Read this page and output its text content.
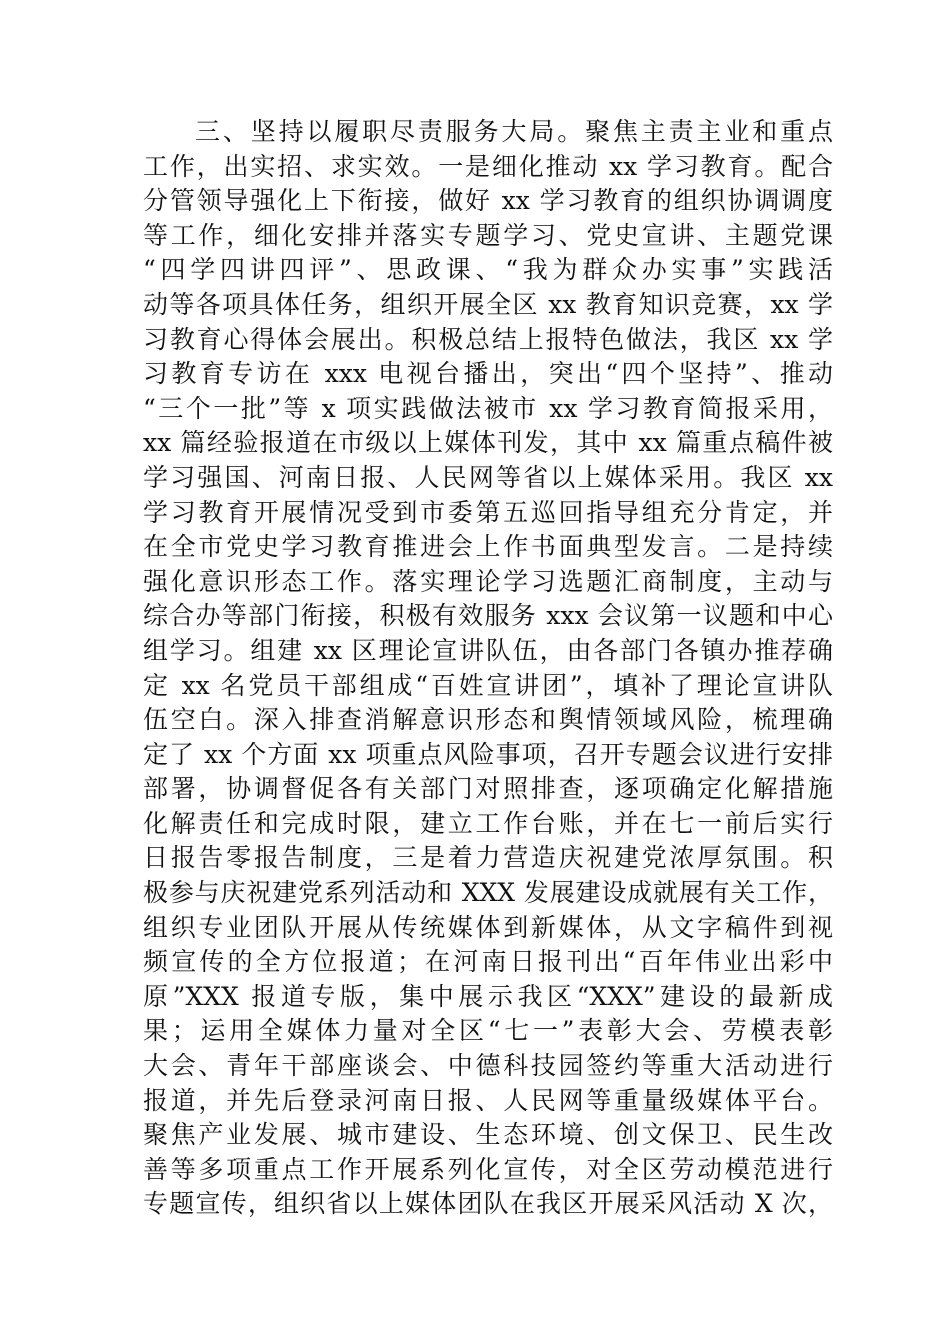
三、坚持以履职尽责服务大局。聚焦主责主业和重点
工作，出实招、求实效。一是细化推动 xx 学习教育。配合
分管领导强化上下衔接，做好 xx 学习教育的组织协调调度
等工作，细化安排并落实专题学习、党史宣讲、主题党课
“四学四讲四评”、思政课、“我为群众办实事”实践活
动等各项具体任务，组织开展全区 xx 教育知识竞赛，xx 学
习教育心得体会展出。积极总结上报特色做法，我区 xx 学
习教育专访在 xxx 电视台播出，突出“四个坚持”、推动
“三个一批”等 x 项实践做法被市 xx 学习教育简报采用，
xx 篇经验报道在市级以上媒体刊发，其中 xx 篇重点稿件被
学习强国、河南日报、人民网等省以上媒体采用。我区 xx
学习教育开展情况受到市委第五巡回指导组充分肯定，并
在全市党史学习教育推进会上作书面典型发言。二是持续
强化意识形态工作。落实理论学习选题汇商制度，主动与
综合办等部门衔接，积极有效服务 xxx 会议第一议题和中心
组学习。组建 xx 区理论宣讲队伍，由各部门各镇办推荐确
定 xx 名党员干部组成“百姓宣讲团”，填补了理论宣讲队
伍空白。深入排查消解意识形态和舆情领域风险，梳理确
定了 xx 个方面 xx 项重点风险事项，召开专题会议进行安排
部署，协调督促各有关部门对照排查，逐项确定化解措施
化解责任和完成时限，建立工作台账，并在七一前后实行
日报告零报告制度，三是着力营造庆祝建党浓厚氛围。积
极参与庆祝建党系列活动和 XXX 发展建设成就展有关工作，
组织专业团队开展从传统媒体到新媒体，从文字稿件到视
频宣传的全方位报道；在河南日报刊出“百年伟业出彩中
原”XXX 报道专版，集中展示我区“XXX”建设的最新成
果；运用全媒体力量对全区“七一”表彰大会、劳模表彰
大会、青年干部座谈会、中德科技园签约等重大活动进行
报道，并先后登录河南日报、人民网等重量级媒体平台。
聚焦产业发展、城市建设、生态环境、创文保卫、民生改
善等多项重点工作开展系列化宣传，对全区劳动模范进行
专题宣传，组织省以上媒体团队在我区开展采风活动 X 次，
